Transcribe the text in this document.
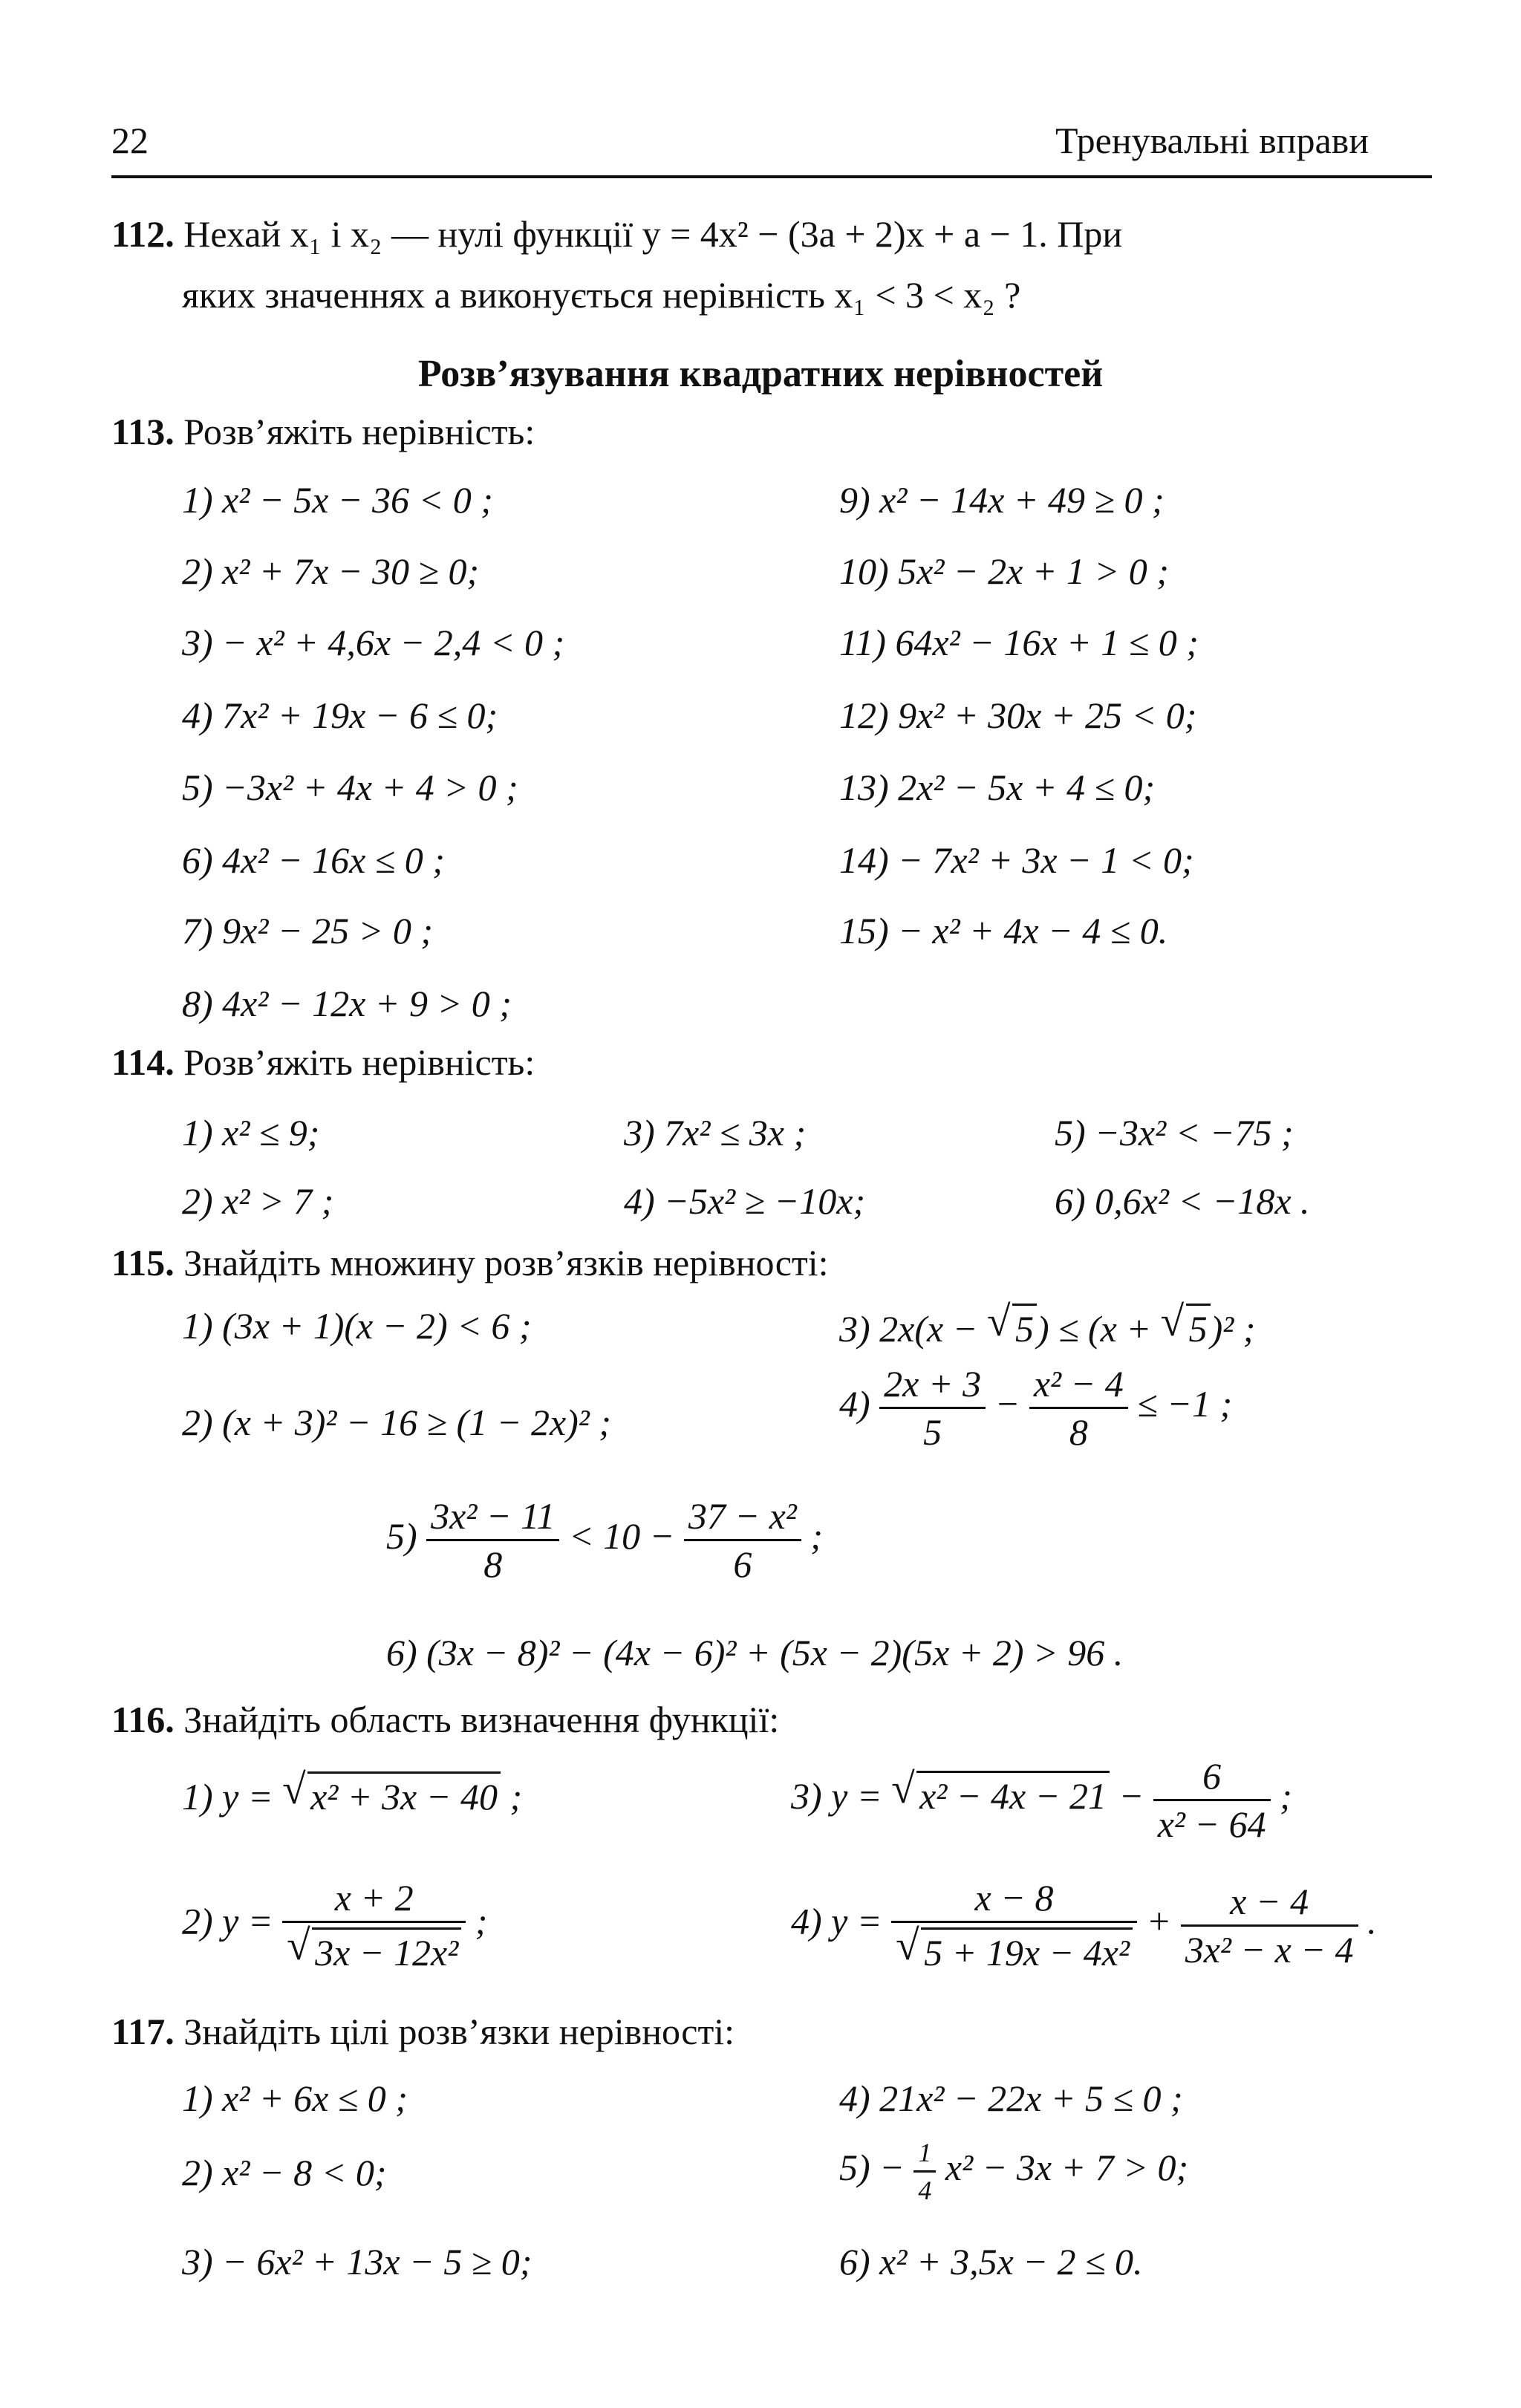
22	Тренувальні вправи
112. Нехай x₁ і x₂ — нулі функції y = 4x² − (3a + 2)x + a − 1. При
яких значеннях a виконується нерівність x₁ < 3 < x₂ ?
Розв’язування квадратних нерівностей
113. Розв’яжіть нерівність:
1) x² − 5x − 36 < 0 ;
2) x² + 7x − 30 ≥ 0;
3) − x² + 4,6x − 2,4 < 0 ;
4) 7x² + 19x − 6 ≤ 0;
5) −3x² + 4x + 4 > 0 ;
6) 4x² − 16x ≤ 0 ;
7) 9x² − 25 > 0 ;
8) 4x² − 12x + 9 > 0 ;
9) x² − 14x + 49 ≥ 0 ;
10) 5x² − 2x + 1 > 0 ;
11) 64x² − 16x + 1 ≤ 0 ;
12) 9x² + 30x + 25 < 0;
13) 2x² − 5x + 4 ≤ 0;
14) − 7x² + 3x − 1 < 0;
15) − x² + 4x − 4 ≤ 0.
114. Розв’яжіть нерівність:
1) x² ≤ 9;
2) x² > 7 ;
3) 7x² ≤ 3x ;
4) −5x² ≥ −10x;
5) −3x² < −75 ;
6) 0,6x² < −18x .
115. Знайдіть множину розв’язків нерівності:
1) (3x + 1)(x − 2) < 6 ;	3) 2x(x − √ 5) ≤ (x + √ 5)² ;
2) (x + 3)² − 16 ≥ (1 − 2x)² ;	$4) \frac{2x + 3}{5} - \frac{\text{x² − 4}}{8} \le -1$ ;
$5) \frac{\text{3x² − 11}}{8} < 10 - \frac{\text{37 − x²}}{6}$ ;
6) (3x − 8)² − (4x − 6)² + (5x − 2)(5x + 2) > 96 .
116. Знайдіть область визначення функції:
1) y = √ x² + 3x − 40 ;	3) y = √ $x^2 - 4x - 21 - \frac{6}{\text{x² − 64}}$ ;
2) y = x + 2
√ 3x − 12x² ;	4) y = x − 8
√ $5 + 19x - 4x^2 + \frac{x - 4}{\text{3x² − x − 4}}$ .
117. Знайдіть цілі розв’язки нерівності:
1) x² + 6x ≤ 0 ;
2) x² − 8 < 0;
3) − 6x² + 13x − 5 ≥ 0;
4) 21x² − 22x + 5 ≤ 0 ;
$5) - \frac{1}{4} x^2 - 3x + 7 > 0$;
6) x² + 3,5x − 2 ≤ 0.
